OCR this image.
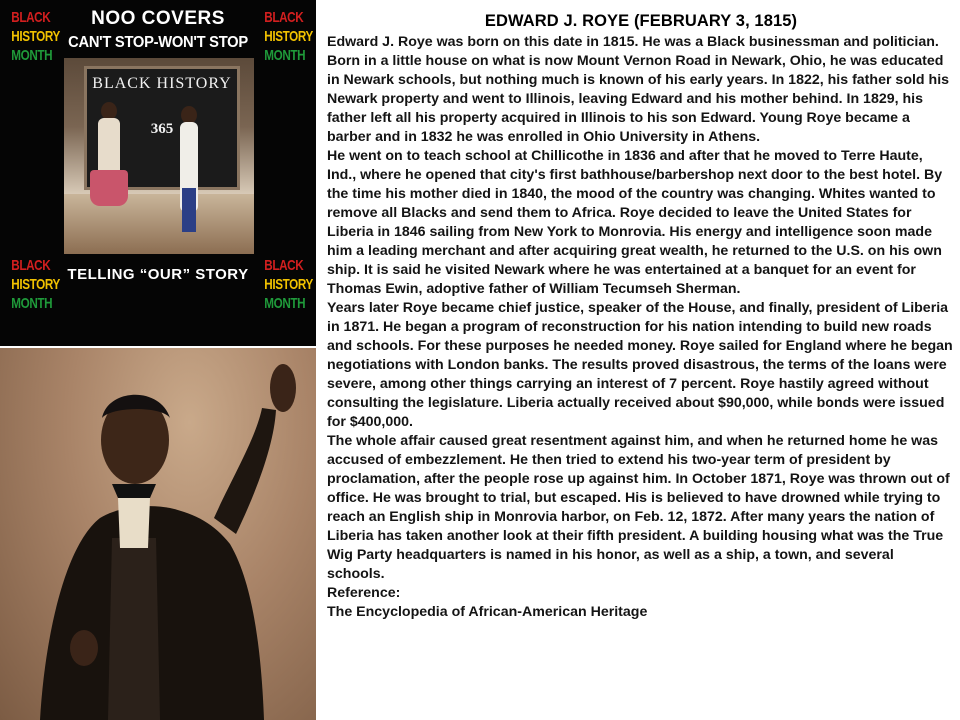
BLACK
HISTORY
MONTH
BLACK
HISTORY
MONTH
BLACK
HISTORY
MONTH
BLACK
HISTORY
MONTH
NOO COVERS
CAN'T STOP-WON'T STOP
BLACK HISTORY
365
TELLING “OUR” STORY
EDWARD J. ROYE (FEBRUARY 3, 1815)

Edward J. Roye was born on this date in 1815. He was a Black businessman and politician.

Born in a little house on what is now Mount Vernon Road in Newark, Ohio, he was educated in Newark schools, but nothing much is known of his early years. In 1822, his father sold his Newark property and went to Illinois, leaving Edward and his mother behind. In 1829, his father left all his property acquired in Illinois to his son Edward. Young Roye became a barber and in 1832 he was enrolled in Ohio University in Athens.

He went on to teach school at Chillicothe in 1836 and after that he moved to Terre Haute, Ind., where he opened that city's first bathhouse/barbershop next door to the best hotel. By the time his mother died in 1840, the mood of the country was changing. Whites wanted to remove all Blacks and send them to Africa. Roye decided to leave the United States for Liberia in 1846 sailing from New York to Monrovia. His energy and intelligence soon made him a leading merchant and after acquiring great wealth, he returned to the U.S. on his own ship. It is said he visited Newark where he was entertained at a banquet for an event for Thomas Ewin, adoptive father of William Tecumseh Sherman.

Years later Roye became chief justice, speaker of the House, and finally, president of Liberia in 1871. He began a program of reconstruction for his nation intending to build new roads and schools. For these purposes he needed money. Roye sailed for England where he began negotiations with London banks. The results proved disastrous, the terms of the loans were severe, among other things carrying an interest of 7 percent. Roye hastily agreed without consulting the legislature. Liberia actually received about $90,000, while bonds were issued for $400,000.

The whole affair caused great resentment against him, and when he returned home he was accused of embezzlement. He then tried to extend his two-year term of president by proclamation, after the people rose up against him. In October 1871, Roye was thrown out of office. He was brought to trial, but escaped. His is believed to have drowned while trying to reach an English ship in Monrovia harbor, on Feb. 12, 1872. After many years the nation of Liberia has taken another look at their fifth president. A building housing what was the True Wig Party headquarters is named in his honor, as well as a ship, a town, and several schools.

Reference:

The Encyclopedia of African-American Heritage
